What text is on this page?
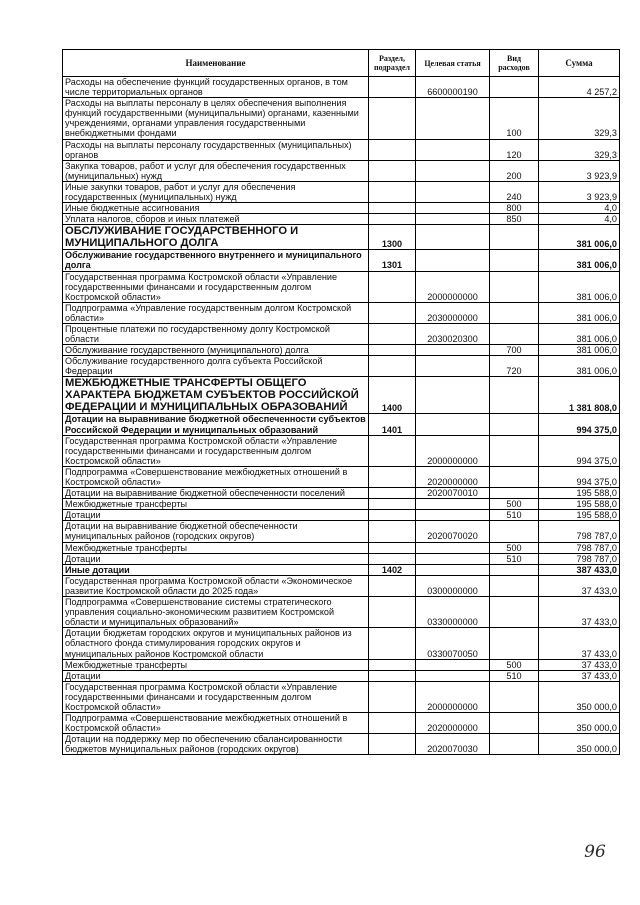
Наименование	Раздел, подраздел	Целевая статья	Вид расходов	Сумма
Расходы на обеспечение функций государственных органов, в том числе территориальных органов		6600000190		4 257,2
Расходы на выплаты персоналу в целях обеспечения выполнения функций государственными (муниципальными) органами, казенными учреждениями, органами управления государственными внебюджетными фондами			100	329,3
Расходы на выплаты персоналу государственных (муниципальных) органов			120	329,3
Закупка товаров, работ и услуг для обеспечения государственных (муниципальных) нужд			200	3 923,9
Иные закупки товаров, работ и услуг для обеспечения государственных (муниципальных) нужд			240	3 923,9
Иные бюджетные ассигнования			800	4,0
Уплата налогов, сборов и иных платежей			850	4,0
ОБСЛУЖИВАНИЕ ГОСУДАРСТВЕННОГО И МУНИЦИПАЛЬНОГО ДОЛГА	1300			381 006,0
Обслуживание государственного внутреннего и муниципального долга	1301			381 006,0
Государственная программа Костромской области «Управление государственными финансами и государственным долгом Костромской области»		2000000000		381 006,0
Подпрограмма «Управление государственным долгом Костромской области»		2030000000		381 006,0
Процентные платежи по государственному долгу Костромской области		2030020300		381 006,0
Обслуживание государственного (муниципального) долга			700	381 006,0
Обслуживание государственного долга субъекта Российской Федерации			720	381 006,0
МЕЖБЮДЖЕТНЫЕ ТРАНСФЕРТЫ ОБЩЕГО ХАРАКТЕРА БЮДЖЕТАМ СУБЪЕКТОВ РОССИЙСКОЙ ФЕДЕРАЦИИ И МУНИЦИПАЛЬНЫХ ОБРАЗОВАНИЙ	1400			1 381 808,0
Дотации на выравнивание бюджетной обеспеченности субъектов Российской Федерации и муниципальных образований	1401			994 375,0
Государственная программа Костромской области «Управление государственными финансами и государственным долгом Костромской области»		2000000000		994 375,0
Подпрограмма «Совершенствование межбюджетных отношений в Костромской области»		2020000000		994 375,0
Дотации на выравнивание бюджетной обеспеченности поселений		2020070010		195 588,0
Межбюджетные трансферты			500	195 588,0
Дотации			510	195 588,0
Дотации на выравнивание бюджетной обеспеченности муниципальных районов (городских округов)		2020070020		798 787,0
Межбюджетные трансферты			500	798 787,0
Дотации			510	798 787,0
Иные дотации	1402			387 433,0
Государственная программа Костромской области «Экономическое развитие Костромской области до 2025 года»		0300000000		37 433,0
Подпрограмма «Совершенствование системы стратегического управления социально-экономическим развитием Костромской области и муниципальных образований»		0330000000		37 433,0
Дотации бюджетам городских округов и муниципальных районов из областного фонда стимулирования городских округов и муниципальных районов Костромской области		0330070050		37 433,0
Межбюджетные трансферты			500	37 433,0
Дотации			510	37 433,0
Государственная программа Костромской области «Управление государственными финансами и государственным долгом Костромской области»		2000000000		350 000,0
Подпрограмма «Совершенствование межбюджетных отношений в Костромской области»		2020000000		350 000,0
Дотации на поддержку мер по обеспечению сбалансированности бюджетов муниципальных районов (городских округов)		2020070030		350 000,0
96
